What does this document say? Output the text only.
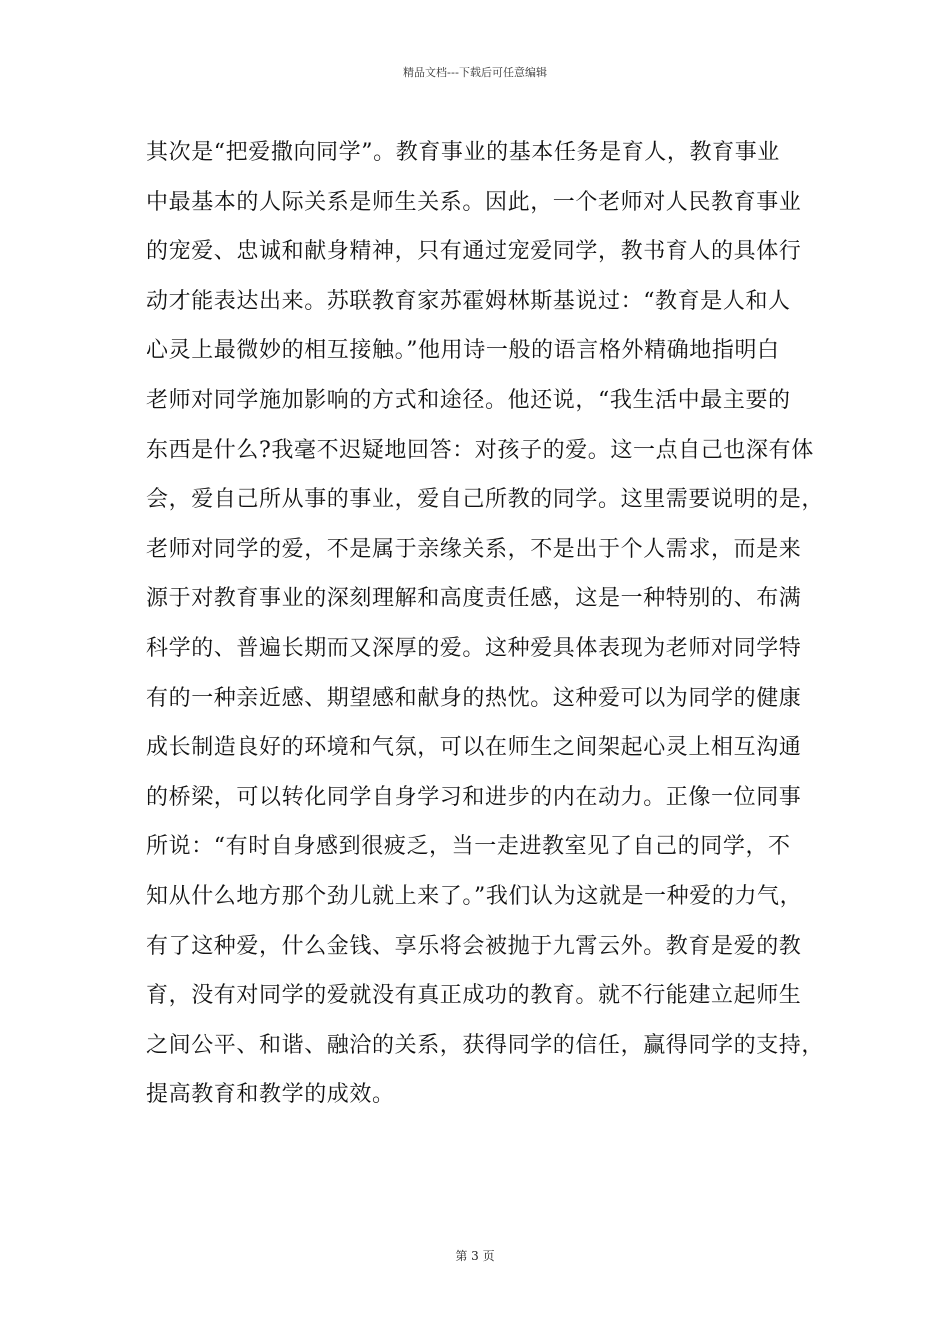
精品文档---下载后可任意编辑
其次是“把爱撒向同学”。教育事业的基本任务是育人，教育事业
中最基本的人际关系是师生关系。因此，一个老师对人民教育事业
的宠爱、忠诚和献身精神，只有通过宠爱同学，教书育人的具体行
动才能表达出来。苏联教育家苏霍姆林斯基说过：“教育是人和人
心灵上最微妙的相互接触。”他用诗一般的语言格外精确地指明白
老师对同学施加影响的方式和途径。他还说，“我生活中最主要的
东西是什么?我毫不迟疑地回答：对孩子的爱。这一点自己也深有体
会，爱自己所从事的事业，爱自己所教的同学。这里需要说明的是，
老师对同学的爱，不是属于亲缘关系，不是出于个人需求，而是来
源于对教育事业的深刻理解和高度责任感，这是一种特别的、布满
科学的、普遍长期而又深厚的爱。这种爱具体表现为老师对同学特
有的一种亲近感、期望感和献身的热忱。这种爱可以为同学的健康
成长制造良好的环境和气氛，可以在师生之间架起心灵上相互沟通
的桥梁，可以转化同学自身学习和进步的内在动力。正像一位同事
所说：“有时自身感到很疲乏，当一走进教室见了自己的同学，不
知从什么地方那个劲儿就上来了。”我们认为这就是一种爱的力气，
有了这种爱，什么金钱、享乐将会被抛于九霄云外。教育是爱的教
育，没有对同学的爱就没有真正成功的教育。就不行能建立起师生
之间公平、和谐、融洽的关系，获得同学的信任，赢得同学的支持，
提高教育和教学的成效。
第 3 页
